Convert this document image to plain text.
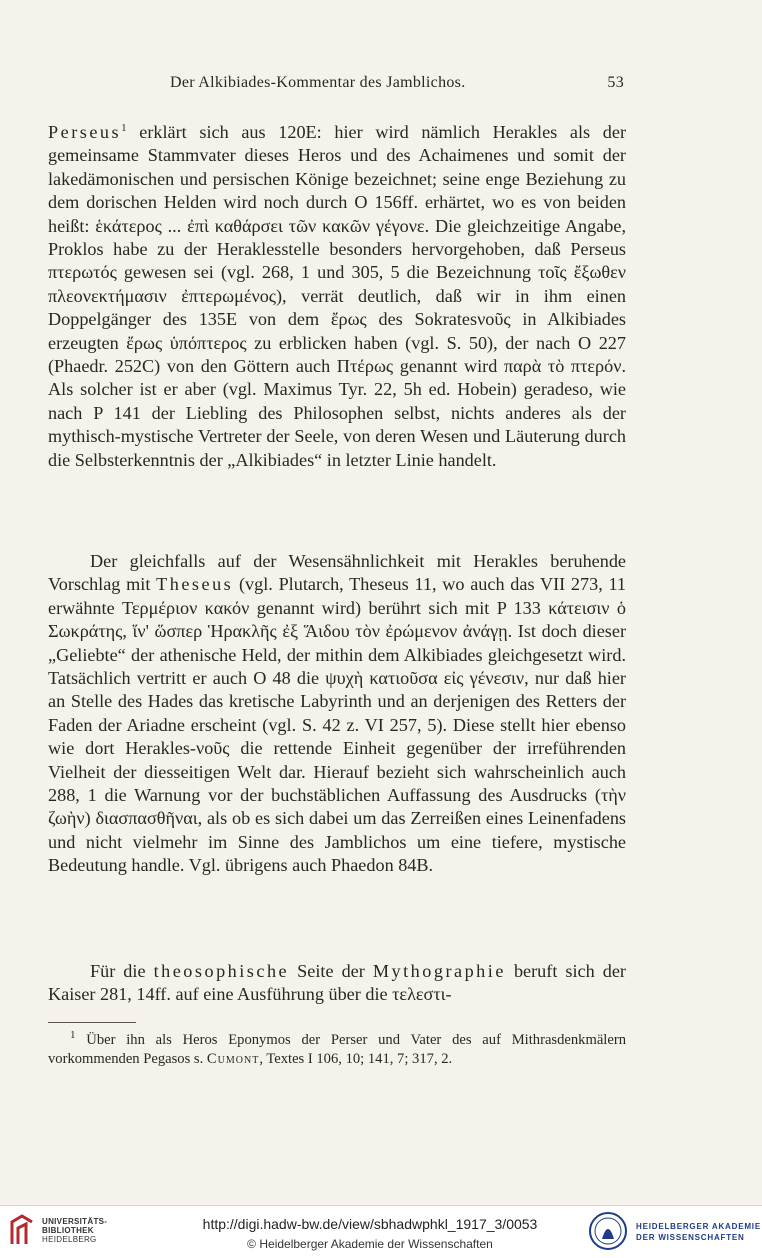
Der Alkibiades-Kommentar des Jamblichos.	53

Perseus$^1$ erklärt sich aus 120E: hier wird nämlich Herakles als der gemeinsame Stammvater dieses Heros und des Achaimenes und somit der lakedämonischen und persischen Könige bezeichnet; seine enge Beziehung zu dem dorischen Helden wird noch durch O 156ff. erhärtet, wo es von beiden heißt: ἑκάτερος ... ἐπὶ καθάρσει τῶν κακῶν γέγονε. Die gleichzeitige Angabe, Proklos habe zu der Heraklesstelle besonders hervorgehoben, daß Perseus πτερωτός gewesen sei (vgl. 268, 1 und 305, 5 die Bezeichnung τοῖς ἔξωθεν πλεονεκτήμασιν ἐπτερωμένος), verrät deutlich, daß wir in ihm einen Doppelgänger des 135E von dem ἔρως des Sokratesνοῦς in Alkibiades erzeugten ἔρως ὑπόπτερος zu erblicken haben (vgl. S. 50), der nach O 227 (Phaedr. 252C) von den Göttern auch Πτέρως genannt wird παρὰ τὸ πτερόν. Als solcher ist er aber (vgl. Maximus Tyr. 22, 5h ed. Hobein) geradeso, wie nach P 141 der Liebling des Philosophen selbst, nichts anderes als der mythisch-mystische Vertreter der Seele, von deren Wesen und Läuterung durch die Selbsterkenntnis der „Alkibiades“ in letzter Linie handelt.

Der gleichfalls auf der Wesensähnlichkeit mit Herakles beruhende Vorschlag mit Theseus (vgl. Plutarch, Theseus 11, wo auch das VII 273, 11 erwähnte Τερμέριον κακόν genannt wird) berührt sich mit P 133 κάτεισιν ὁ Σωκράτης, ἵν' ὥσπερ Ἡρακλῆς ἐξ Ἅιδου τὸν ἐρώμενον ἀνάγῃ. Ist doch dieser „Geliebte“ der athenische Held, der mithin dem Alkibiades gleichgesetzt wird. Tatsächlich vertritt er auch O 48 die ψυχὴ κατιοῦσα εἰς γένεσιν, nur daß hier an Stelle des Hades das kretische Labyrinth und an derjenigen des Retters der Faden der Ariadne erscheint (vgl. S. 42 z. VI 257, 5). Diese stellt hier ebenso wie dort Herakles-νοῦς die rettende Einheit gegenüber der irreführenden Vielheit der diesseitigen Welt dar. Hierauf bezieht sich wahrscheinlich auch 288, 1 die Warnung vor der buchstäblichen Auffassung des Ausdrucks (τὴν ζωὴν) διασπασθῆναι, als ob es sich dabei um das Zerreißen eines Leinenfadens und nicht vielmehr im Sinne des Jamblichos um eine tiefere, mystische Bedeutung handle. Vgl. übrigens auch Phaedon 84B.

Für die theosophische Seite der Mythographie beruft sich der Kaiser 281, 14ff. auf eine Ausführung über die τελεστι-

$^1$ Über ihn als Heros Eponymos der Perser und Vater des auf Mithrasdenkmälern vorkommenden Pegasos s. Cumont, Textes I 106, 10; 141, 7; 317, 2.
UNIVERSITÄTS-
BIBLIOTHEK
HEIDELBERG
http://digi.hadw-bw.de/view/sbhadwphkl_1917_3/0053
© Heidelberger Akademie der Wissenschaften
HEIDELBERGER AKADEMIE
DER WISSENSCHAFTEN
